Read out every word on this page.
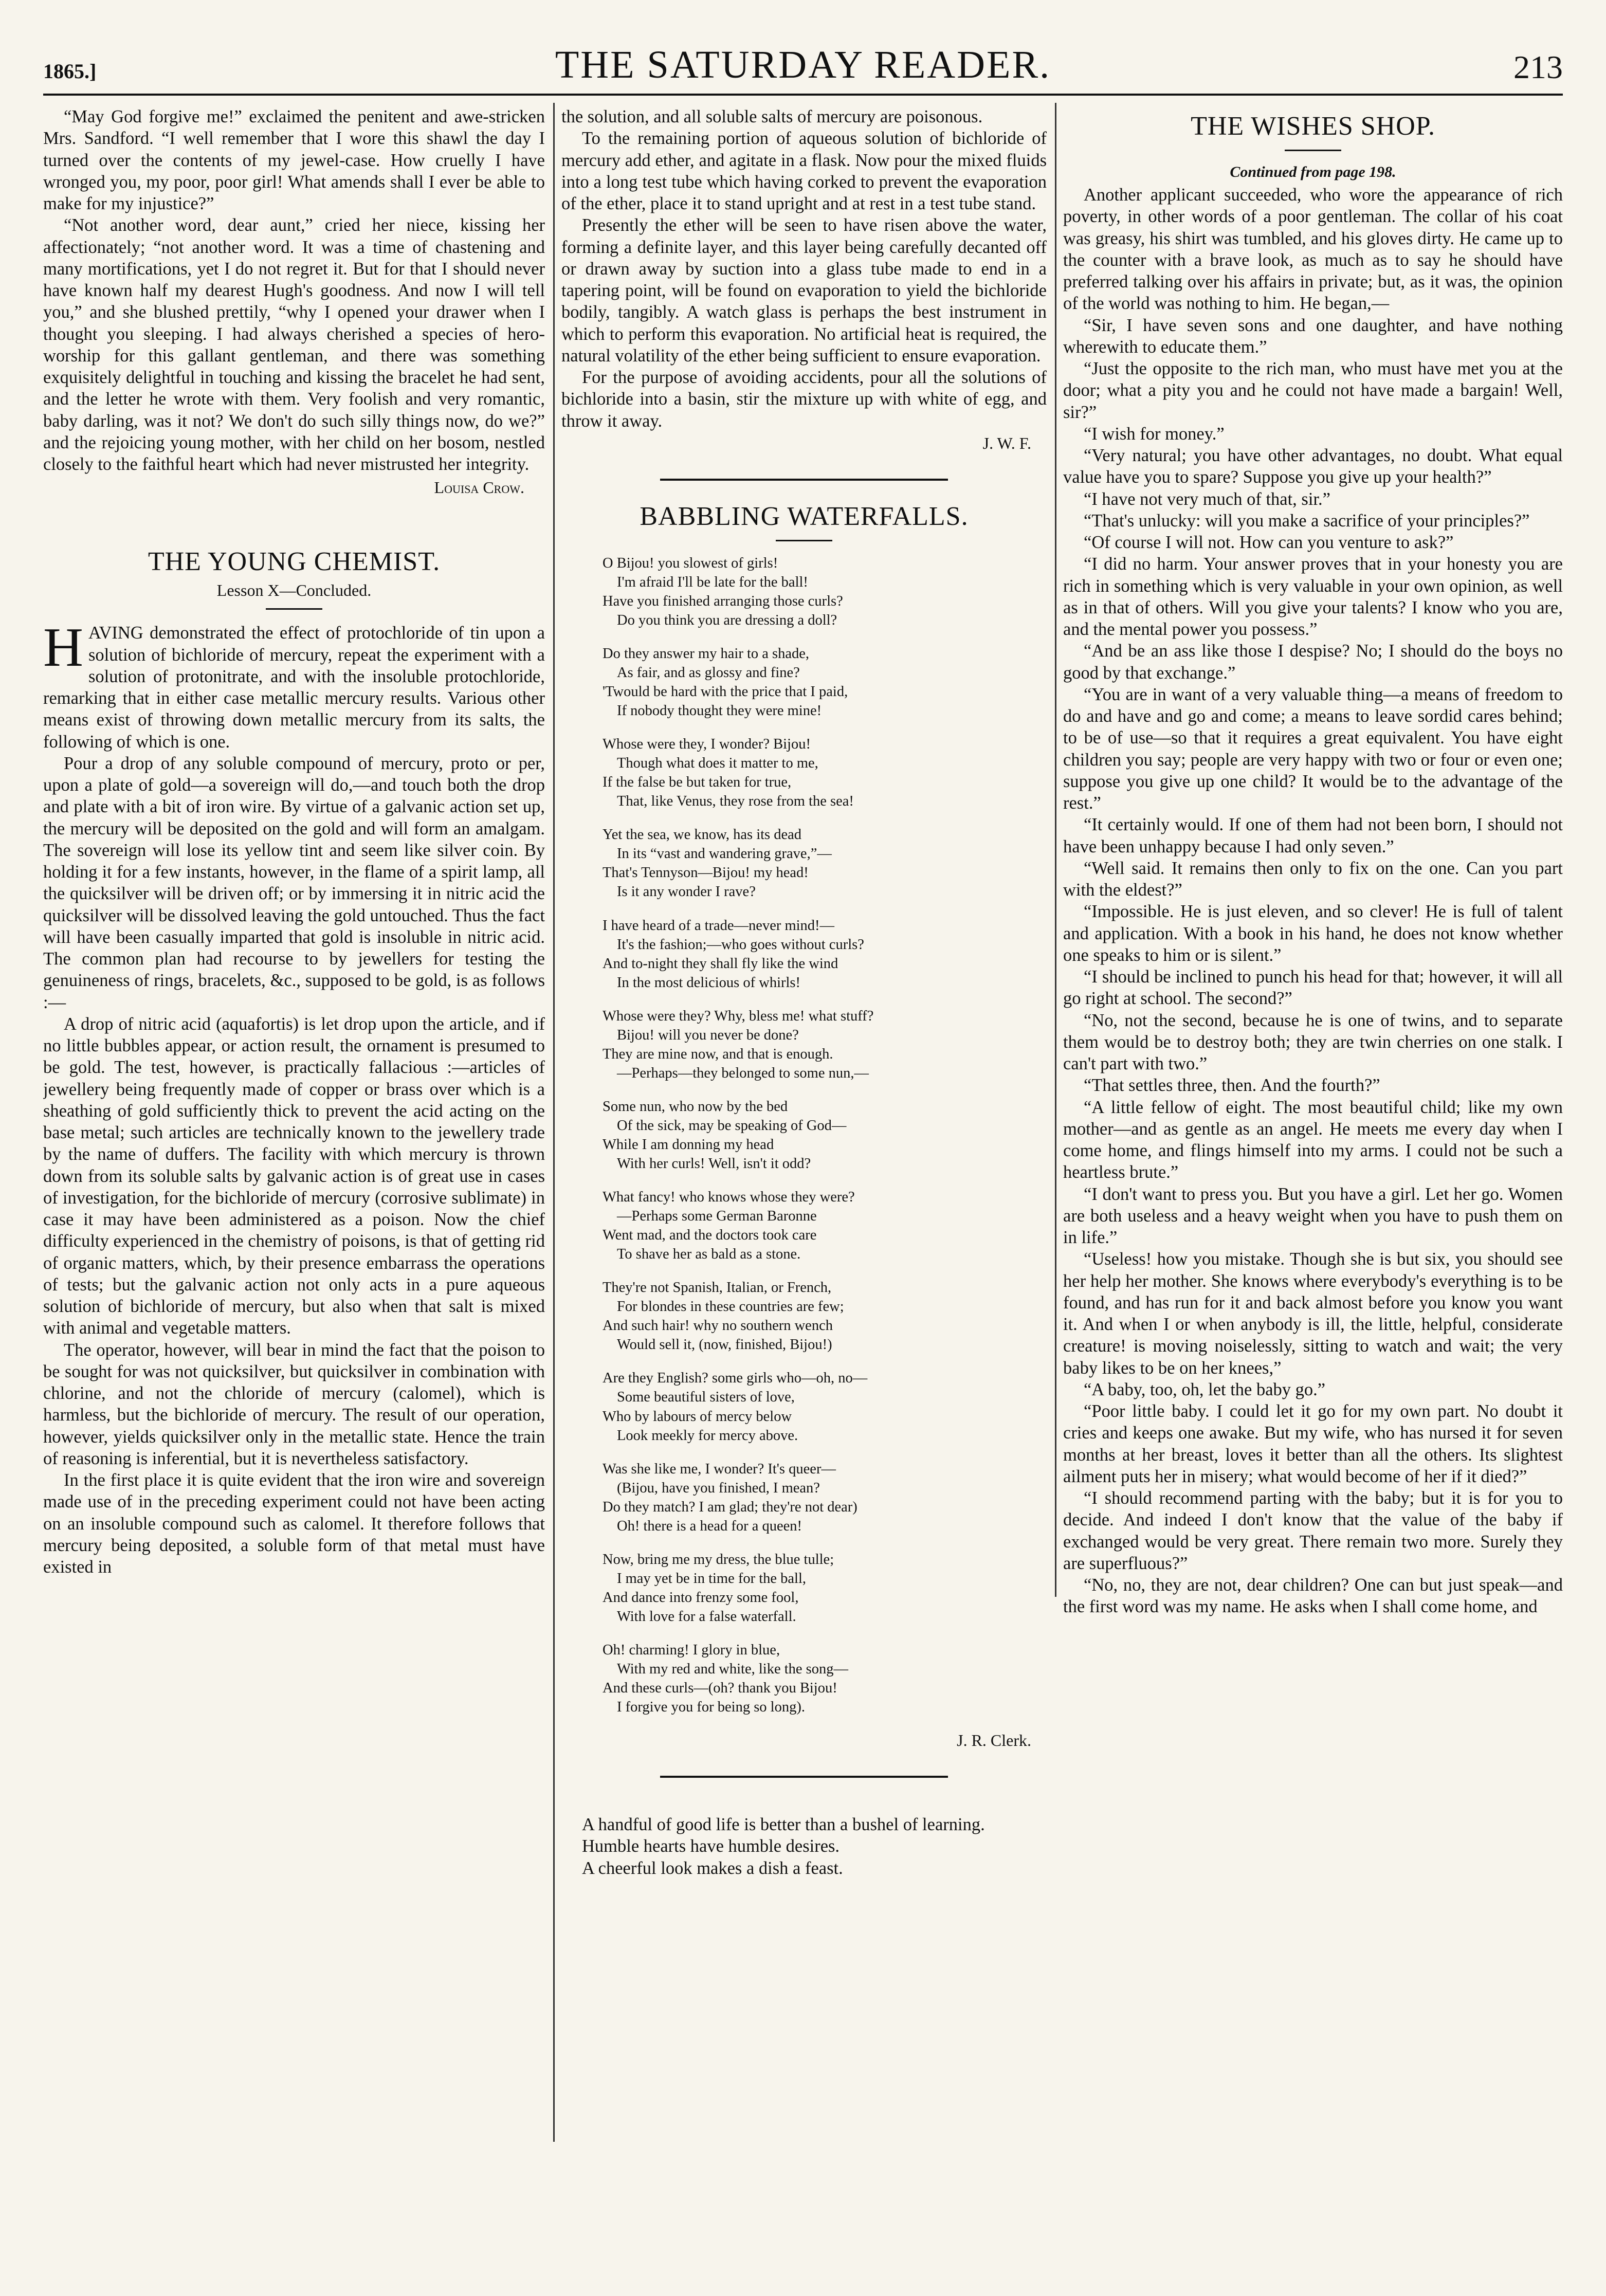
1865.]	THE SATURDAY READER.	213

“May God forgive me!” exclaimed the penitent and awe-stricken Mrs. Sandford. “I well remember that I wore this shawl the day I turned over the contents of my jewel-case. How cruelly I have wronged you, my poor, poor girl! What amends shall I ever be able to make for my injustice?”

“Not another word, dear aunt,” cried her niece, kissing her affectionately; “not another word. It was a time of chastening and many mortifications, yet I do not regret it. But for that I should never have known half my dearest Hugh's goodness. And now I will tell you,” and she blushed prettily, “why I opened your drawer when I thought you sleeping. I had always cherished a species of hero-worship for this gallant gentleman, and there was something exquisitely delightful in touching and kissing the bracelet he had sent, and the letter he wrote with them. Very foolish and very romantic, baby darling, was it not? We don't do such silly things now, do we?” and the rejoicing young mother, with her child on her bosom, nestled closely to the faithful heart which had never mistrusted her integrity.

Louisa Crow.
THE YOUNG CHEMIST.
Lesson X—Concluded.

HAVING demonstrated the effect of protochloride of tin upon a solution of bichloride of mercury, repeat the experiment with a solution of protonitrate, and with the insoluble protochloride, remarking that in either case metallic mercury results. Various other means exist of throwing down metallic mercury from its salts, the following of which is one.

Pour a drop of any soluble compound of mercury, proto or per, upon a plate of gold—a sovereign will do,—and touch both the drop and plate with a bit of iron wire. By virtue of a galvanic action set up, the mercury will be deposited on the gold and will form an amalgam. The sovereign will lose its yellow tint and seem like silver coin. By holding it for a few instants, however, in the flame of a spirit lamp, all the quicksilver will be driven off; or by immersing it in nitric acid the quicksilver will be dissolved leaving the gold untouched. Thus the fact will have been casually imparted that gold is insoluble in nitric acid. The common plan had recourse to by jewellers for testing the genuineness of rings, bracelets, &c., supposed to be gold, is as follows :—

A drop of nitric acid (aquafortis) is let drop upon the article, and if no little bubbles appear, or action result, the ornament is presumed to be gold. The test, however, is practically fallacious :—articles of jewellery being frequently made of copper or brass over which is a sheathing of gold sufficiently thick to prevent the acid acting on the base metal; such articles are technically known to the jewellery trade by the name of duffers. The facility with which mercury is thrown down from its soluble salts by galvanic action is of great use in cases of investigation, for the bichloride of mercury (corrosive sublimate) in case it may have been administered as a poison. Now the chief difficulty experienced in the chemistry of poisons, is that of getting rid of organic matters, which, by their presence embarrass the operations of tests; but the galvanic action not only acts in a pure aqueous solution of bichloride of mercury, but also when that salt is mixed with animal and vegetable matters.

The operator, however, will bear in mind the fact that the poison to be sought for was not quicksilver, but quicksilver in combination with chlorine, and not the chloride of mercury (calomel), which is harmless, but the bichloride of mercury. The result of our operation, however, yields quicksilver only in the metallic state. Hence the train of reasoning is inferential, but it is nevertheless satisfactory.

In the first place it is quite evident that the iron wire and sovereign made use of in the preceding experiment could not have been acting on an insoluble compound such as calomel. It therefore follows that mercury being deposited, a soluble form of that metal must have existed in

the solution, and all soluble salts of mercury are poisonous.

To the remaining portion of aqueous solution of bichloride of mercury add ether, and agitate in a flask. Now pour the mixed fluids into a long test tube which having corked to prevent the evaporation of the ether, place it to stand upright and at rest in a test tube stand.

Presently the ether will be seen to have risen above the water, forming a definite layer, and this layer being carefully decanted off or drawn away by suction into a glass tube made to end in a tapering point, will be found on evaporation to yield the bichloride bodily, tangibly. A watch glass is perhaps the best instrument in which to perform this evaporation. No artificial heat is required, the natural volatility of the ether being sufficient to ensure evaporation.

For the purpose of avoiding accidents, pour all the solutions of bichloride into a basin, stir the mixture up with white of egg, and throw it away.

J. W. F.
BABBLING WATERFALLS.
O Bijou! you slowest of girls!
I'm afraid I'll be late for the ball!
Have you finished arranging those curls?
Do you think you are dressing a doll?
Do they answer my hair to a shade,
As fair, and as glossy and fine?
'Twould be hard with the price that I paid,
If nobody thought they were mine!
Whose were they, I wonder? Bijou!
Though what does it matter to me,
If the false be but taken for true,
That, like Venus, they rose from the sea!
Yet the sea, we know, has its dead
In its “vast and wandering grave,”—
That's Tennyson—Bijou! my head!
Is it any wonder I rave?
I have heard of a trade—never mind!—
It's the fashion;—who goes without curls?
And to-night they shall fly like the wind
In the most delicious of whirls!
Whose were they? Why, bless me! what stuff?
Bijou! will you never be done?
They are mine now, and that is enough.
—Perhaps—they belonged to some nun,—
Some nun, who now by the bed
Of the sick, may be speaking of God—
While I am donning my head
With her curls! Well, isn't it odd?
What fancy! who knows whose they were?
—Perhaps some German Baronne
Went mad, and the doctors took care
To shave her as bald as a stone.
They're not Spanish, Italian, or French,
For blondes in these countries are few;
And such hair! why no southern wench
Would sell it, (now, finished, Bijou!)
Are they English? some girls who—oh, no—
Some beautiful sisters of love,
Who by labours of mercy below
Look meekly for mercy above.
Was she like me, I wonder? It's queer—
(Bijou, have you finished, I mean?
Do they match? I am glad; they're not dear)
Oh! there is a head for a queen!
Now, bring me my dress, the blue tulle;
I may yet be in time for the ball,
And dance into frenzy some fool,
With love for a false waterfall.
Oh! charming! I glory in blue,
With my red and white, like the song—
And these curls—(oh? thank you Bijou!
I forgive you for being so long).
J. R. Clerk.

A handful of good life is better than a bushel of learning.

Humble hearts have humble desires.

A cheerful look makes a dish a feast.

THE WISHES SHOP.
Continued from page 198.

Another applicant succeeded, who wore the appearance of rich poverty, in other words of a poor gentleman. The collar of his coat was greasy, his shirt was tumbled, and his gloves dirty. He came up to the counter with a brave look, as much as to say he should have preferred talking over his affairs in private; but, as it was, the opinion of the world was nothing to him. He began,—

“Sir, I have seven sons and one daughter, and have nothing wherewith to educate them.”

“Just the opposite to the rich man, who must have met you at the door; what a pity you and he could not have made a bargain! Well, sir?”

“I wish for money.”

“Very natural; you have other advantages, no doubt. What equal value have you to spare? Suppose you give up your health?”

“I have not very much of that, sir.”

“That's unlucky: will you make a sacrifice of your principles?”

“Of course I will not. How can you venture to ask?”

“I did no harm. Your answer proves that in your honesty you are rich in something which is very valuable in your own opinion, as well as in that of others. Will you give your talents? I know who you are, and the mental power you possess.”

“And be an ass like those I despise? No; I should do the boys no good by that exchange.”

“You are in want of a very valuable thing—a means of freedom to do and have and go and come; a means to leave sordid cares behind; to be of use—so that it requires a great equivalent. You have eight children you say; people are very happy with two or four or even one; suppose you give up one child? It would be to the advantage of the rest.”

“It certainly would. If one of them had not been born, I should not have been unhappy because I had only seven.”

“Well said. It remains then only to fix on the one. Can you part with the eldest?”

“Impossible. He is just eleven, and so clever! He is full of talent and application. With a book in his hand, he does not know whether one speaks to him or is silent.”

“I should be inclined to punch his head for that; however, it will all go right at school. The second?”

“No, not the second, because he is one of twins, and to separate them would be to destroy both; they are twin cherries on one stalk. I can't part with two.”

“That settles three, then. And the fourth?”

“A little fellow of eight. The most beautiful child; like my own mother—and as gentle as an angel. He meets me every day when I come home, and flings himself into my arms. I could not be such a heartless brute.”

“I don't want to press you. But you have a girl. Let her go. Women are both useless and a heavy weight when you have to push them on in life.”

“Useless! how you mistake. Though she is but six, you should see her help her mother. She knows where everybody's everything is to be found, and has run for it and back almost before you know you want it. And when I or when anybody is ill, the little, helpful, considerate creature! is moving noiselessly, sitting to watch and wait; the very baby likes to be on her knees,”

“A baby, too, oh, let the baby go.”

“Poor little baby. I could let it go for my own part. No doubt it cries and keeps one awake. But my wife, who has nursed it for seven months at her breast, loves it better than all the others. Its slightest ailment puts her in misery; what would become of her if it died?”

“I should recommend parting with the baby; but it is for you to decide. And indeed I don't know that the value of the baby if exchanged would be very great. There remain two more. Surely they are superfluous?”

“No, no, they are not, dear children? One can but just speak—and the first word was my name. He asks when I shall come home, and
